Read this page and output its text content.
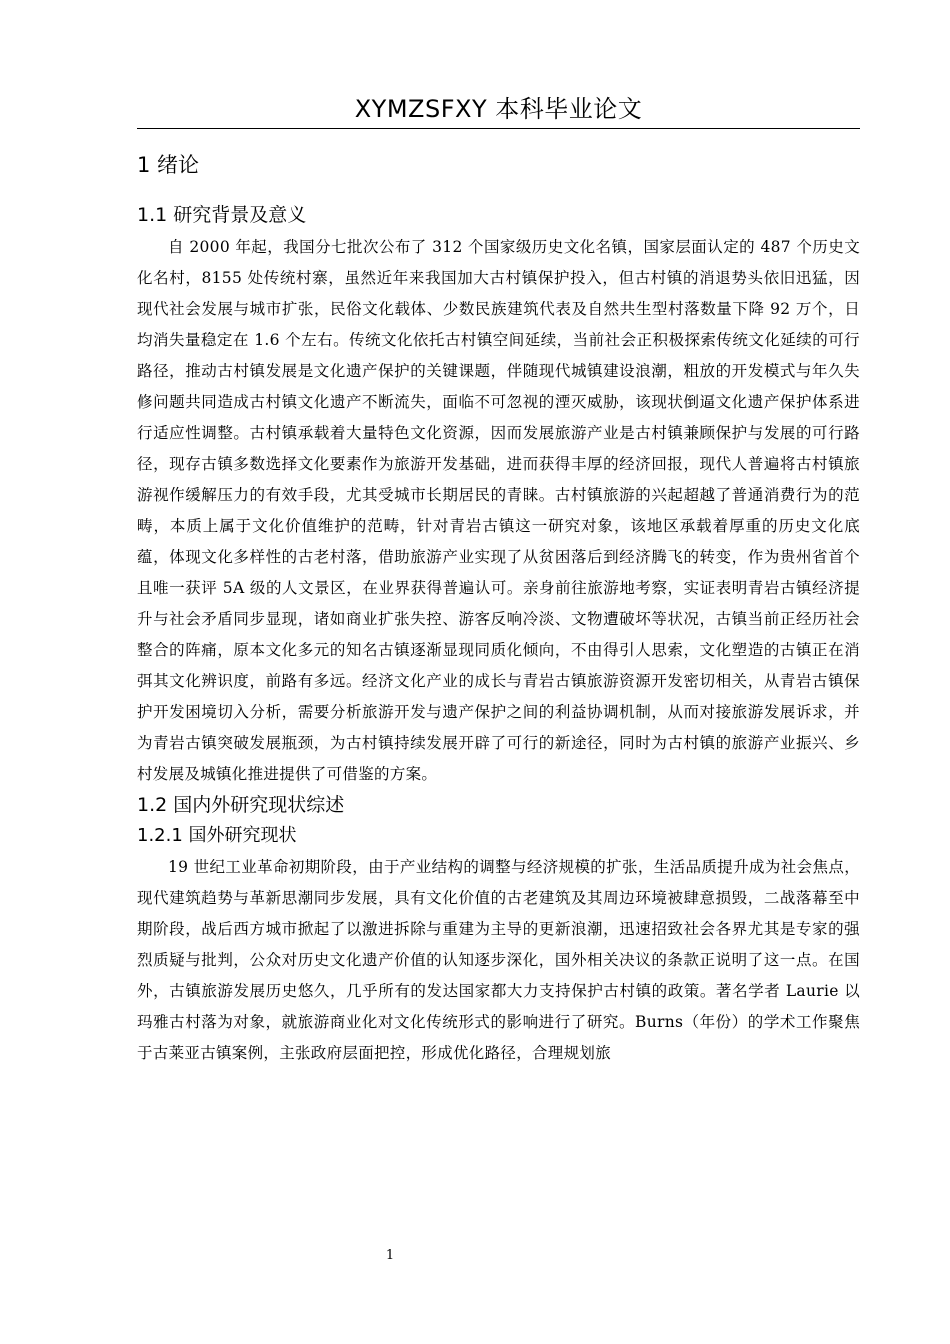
XYMZSFXY 本科毕业论文
1 绪论
1.1 研究背景及意义

自 2000 年起，我国分七批次公布了 312 个国家级历史文化名镇，国家层面认定的 487 个历史文化名村，8155 处传统村寨，虽然近年来我国加大古村镇保护投入，但古村镇的消退势头依旧迅猛，因现代社会发展与城市扩张，民俗文化载体、少数民族建筑代表及自然共生型村落数量下降 92 万个，日均消失量稳定在 1.6 个左右。传统文化依托古村镇空间延续，当前社会正积极探索传统文化延续的可行路径，推动古村镇发展是文化遗产保护的关键课题，伴随现代城镇建设浪潮，粗放的开发模式与年久失修问题共同造成古村镇文化遗产不断流失，面临不可忽视的湮灭威胁，该现状倒逼文化遗产保护体系进行适应性调整。古村镇承载着大量特色文化资源，因而发展旅游产业是古村镇兼顾保护与发展的可行路径，现存古镇多数选择文化要素作为旅游开发基础，进而获得丰厚的经济回报，现代人普遍将古村镇旅游视作缓解压力的有效手段，尤其受城市长期居民的青睐。古村镇旅游的兴起超越了普通消费行为的范畴，本质上属于文化价值维护的范畴，针对青岩古镇这一研究对象，该地区承载着厚重的历史文化底蕴，体现文化多样性的古老村落，借助旅游产业实现了从贫困落后到经济腾飞的转变，作为贵州省首个且唯一获评 5A 级的人文景区，在业界获得普遍认可。亲身前往旅游地考察，实证表明青岩古镇经济提升与社会矛盾同步显现，诸如商业扩张失控、游客反响冷淡、文物遭破坏等状况，古镇当前正经历社会整合的阵痛，原本文化多元的知名古镇逐渐显现同质化倾向，不由得引人思索，文化塑造的古镇正在消弭其文化辨识度，前路有多远。经济文化产业的成长与青岩古镇旅游资源开发密切相关，从青岩古镇保护开发困境切入分析，需要分析旅游开发与遗产保护之间的利益协调机制，从而对接旅游发展诉求，并为青岩古镇突破发展瓶颈，为古村镇持续发展开辟了可行的新途径，同时为古村镇的旅游产业振兴、乡村发展及城镇化推进提供了可借鉴的方案。

1.2 国内外研究现状综述
1.2.1 国外研究现状

19 世纪工业革命初期阶段，由于产业结构的调整与经济规模的扩张，生活品质提升成为社会焦点，现代建筑趋势与革新思潮同步发展，具有文化价值的古老建筑及其周边环境被肆意损毁，二战落幕至中期阶段，战后西方城市掀起了以激进拆除与重建为主导的更新浪潮，迅速招致社会各界尤其是专家的强烈质疑与批判，公众对历史文化遗产价值的认知逐步深化，国外相关决议的条款正说明了这一点。在国外，古镇旅游发展历史悠久，几乎所有的发达国家都大力支持保护古村镇的政策。著名学者 Laurie 以玛雅古村落为对象，就旅游商业化对文化传统形式的影响进行了研究。Burns（年份）的学术工作聚焦于古莱亚古镇案例，主张政府层面把控，形成优化路径，合理规划旅

1
